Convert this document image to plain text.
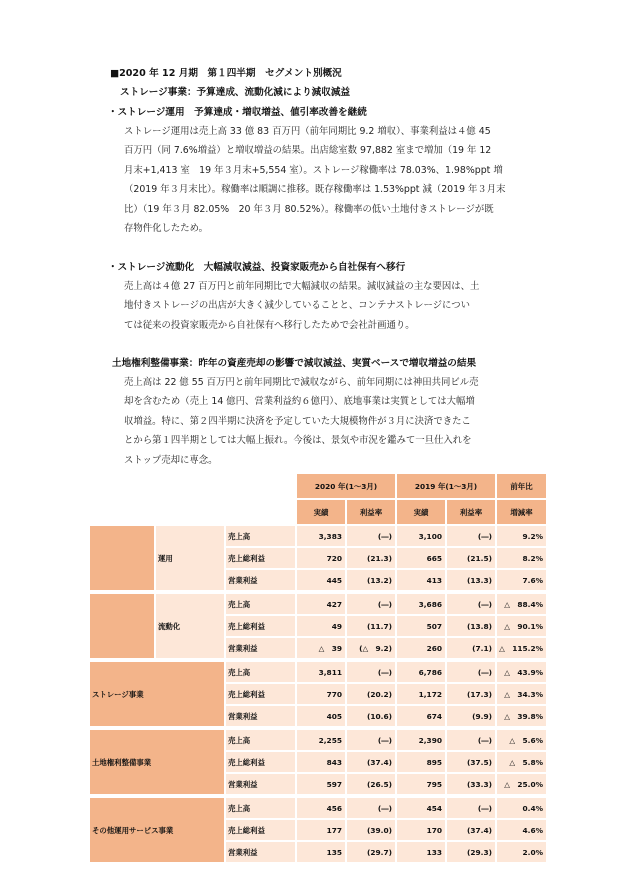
■2020 年 12 月期　第１四半期　セグメント別概況
ストレージ事業：予算達成、流動化減により減収減益
・ストレージ運用　予算達成・増収増益、値引率改善を継続
ストレージ運用は売上高 33 億 83 百万円（前年同期比 9.2 増収）、事業利益は４億 45
百万円（同 7.6%増益）と増収増益の結果。出店総室数 97,882 室まで増加（19 年 12
月末+1,413 室　19 年３月末+5,554 室）。ストレージ稼働率は 78.03%、1.98%ppt 増
（2019 年３月末比）。稼働率は順調に推移。既存稼働率は 1.53%ppt 減（2019 年３月末
比）（19 年３月 82.05%　20 年３月 80.52%）。稼働率の低い土地付きストレージが既
存物件化したため。
・ストレージ流動化　大幅減収減益、投資家販売から自社保有へ移行
売上高は４億 27 百万円と前年同期比で大幅減収の結果。減収減益の主な要因は、土
地付きストレージの出店が大きく減少していることと、コンテナストレージについ
ては従来の投資家販売から自社保有へ移行したためで会社計画通り。
土地権利整備事業：昨年の資産売却の影響で減収減益、実質ベースで増収増益の結果
売上高は 22 億 55 百万円と前年同期比で減収ながら、前年同期には神田共同ビル売
却を含むため（売上 14 億円、営業利益約６億円）、底地事業は実質としては大幅増
収増益。特に、第２四半期に決済を予定していた大規模物件が３月に決済できたこ
とから第１四半期としては大幅上振れ。今後は、景気や市況を鑑みて一旦仕入れを
ストップ売却に専念。
2020 年(1～3月)	2019 年(1～3月)	前年比
実績	利益率	実績	利益率	増減率
運用
売上高	3,383	(―)	3,100	(―)	9.2%
売上総利益	720	(21.3)	665	(21.5)	8.2%
営業利益	445	(13.2)	413	(13.3)	7.6%
流動化
売上高	427	(―)	3,686	(―)	△　88.4%
売上総利益	49	(11.7)	507	(13.8)	△　90.1%
営業利益	△　39	(△　9.2)	260	(7.1) △　115.2%
ストレージ事業
売上高	3,811	(―)	6,786	(―)	△　43.9%
売上総利益	770	(20.2)	1,172	(17.3)	△　34.3%
営業利益	405	(10.6)	674	(9.9)	△　39.8%
土地権利整備事業
売上高	2,255	(―)	2,390	(―)	△　5.6%
売上総利益	843	(37.4)	895	(37.5)	△　5.8%
営業利益	597	(26.5)	795	(33.3)	△　25.0%
その他運用サービス事業
売上高	456	(―)	454	(―)	0.4%
売上総利益	177	(39.0)	170	(37.4)	4.6%
営業利益	135	(29.7)	133	(29.3)	2.0%
